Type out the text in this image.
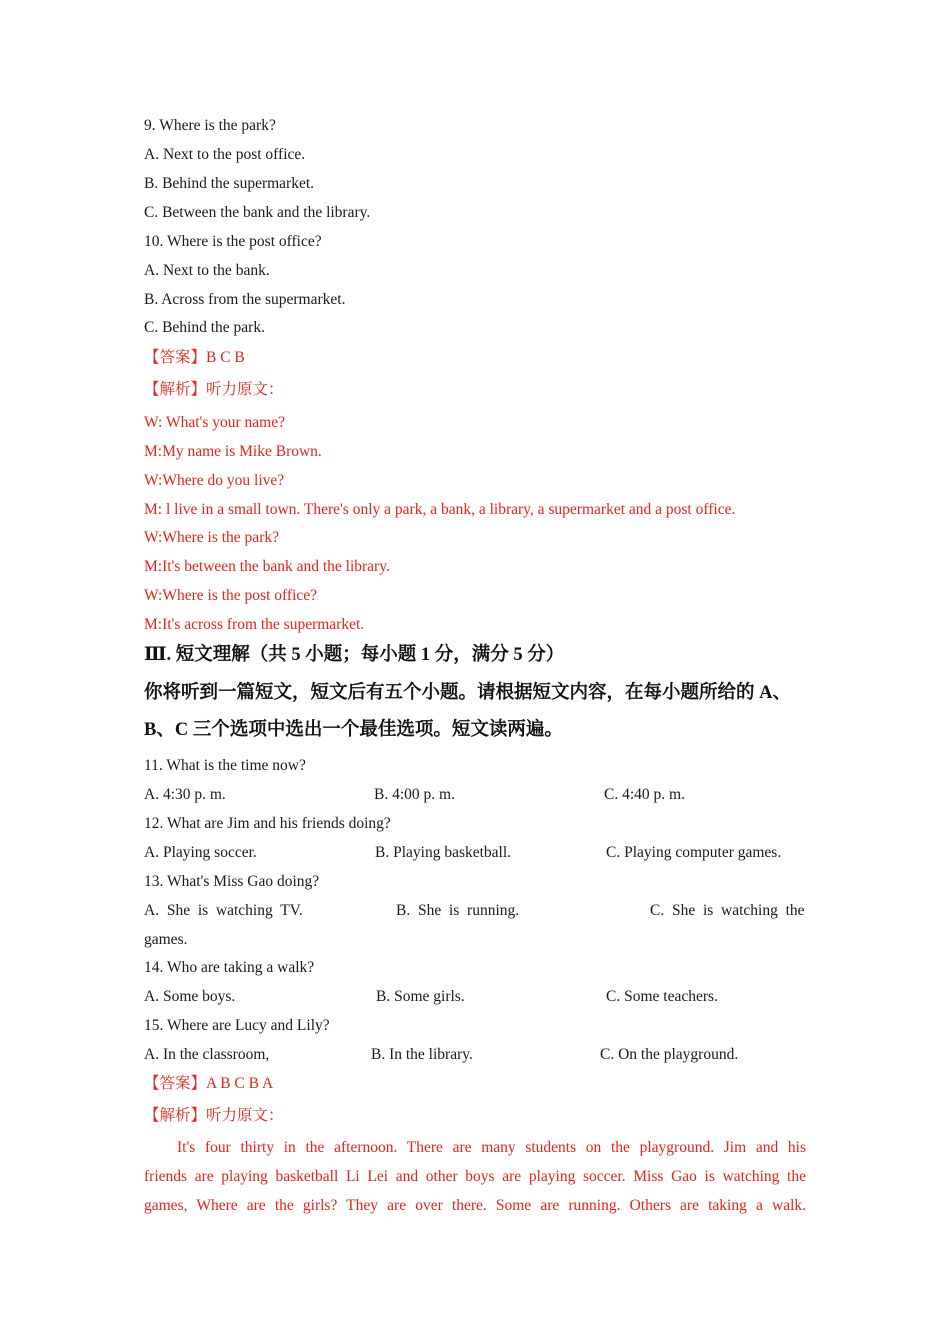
9. Where is the park?
A. Next to the post office.
B. Behind the supermarket.
C. Between the bank and the library.
10. Where is the post office?
A. Next to the bank.
B. Across from the supermarket.
C. Behind the park.
【答案】B C B
【解析】听力原文：
W: What's your name?
M:My name is Mike Brown.
W:Where do you live?
M: l live in a small town. There's only a park, a bank, a library, a supermarket and a post office.
W:Where is the park?
M:It's between the bank and the library.
W:Where is the post office?
M:It's across from the supermarket.
Ⅲ. 短文理解（共 5 小题；每小题 1 分，满分 5 分）
你将听到一篇短文，短文后有五个小题。请根据短文内容，在每小题所给的 A、
B、C 三个选项中选出一个最佳选项。短文读两遍。
11. What is the time now?
A. 4:30 p. m.	B. 4:00 p. m.	C. 4:40 p. m.
12. What are Jim and his friends doing?
A. Playing soccer.	B. Playing basketball.	C. Playing computer games.
13. What's Miss Gao doing?
A.  She  is  watching  TV.	B.  She  is  running.	C.  She  is  watching  the
games.
14. Who are taking a walk?
A. Some boys.	B. Some girls.	C. Some teachers.
15. Where are Lucy and Lily?
A. In the classroom,	B. In the library.	C. On the playground.
【答案】A B C B A
【解析】听力原文：
It's four thirty in the afternoon. There are many students on the playground. Jim and his
friends are playing basketball Li Lei and other boys are playing soccer. Miss Gao is watching the
games, Where are the girls? They are over there. Some are running. Others are taking a walk.
